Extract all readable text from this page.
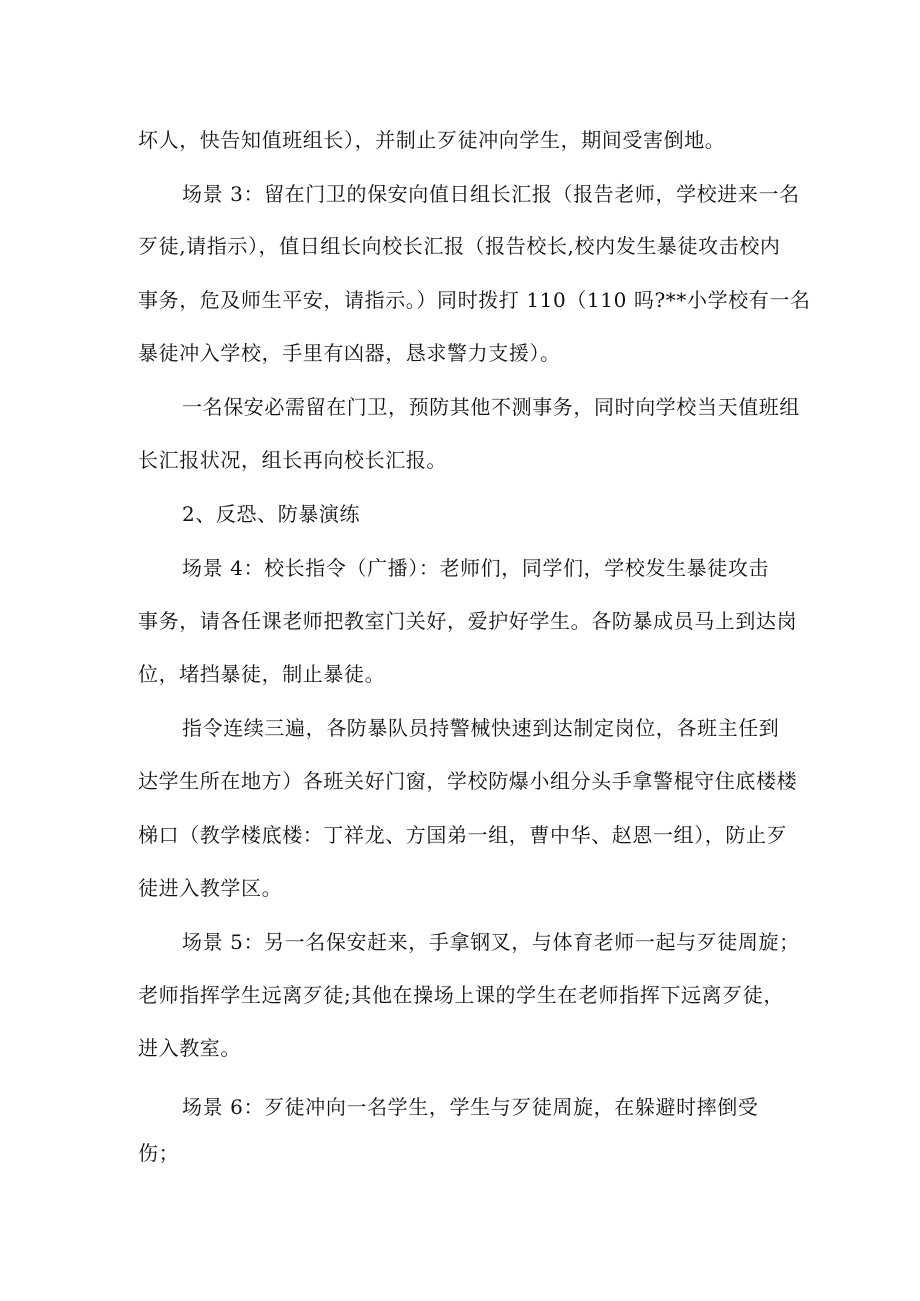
坏人，快告知值班组长），并制止歹徒冲向学生，期间受害倒地。
场景 3：留在门卫的保安向值日组长汇报（报告老师，学校进来一名
歹徒,请指示），值日组长向校长汇报（报告校长,校内发生暴徒攻击校内
事务，危及师生平安，请指示。）同时拨打 110（110 吗?**小学校有一名
暴徒冲入学校，手里有凶器，恳求警力支援）。
一名保安必需留在门卫，预防其他不测事务，同时向学校当天值班组
长汇报状况，组长再向校长汇报。
2、反恐、防暴演练
场景 4：校长指令（广播）：老师们，同学们，学校发生暴徒攻击
事务，请各任课老师把教室门关好，爱护好学生。各防暴成员马上到达岗
位，堵挡暴徒，制止暴徒。
指令连续三遍，各防暴队员持警械快速到达制定岗位，各班主任到
达学生所在地方）各班关好门窗，学校防爆小组分头手拿警棍守住底楼楼
梯口（教学楼底楼：丁祥龙、方国弟一组，曹中华、赵恩一组），防止歹
徒进入教学区。
场景 5：另一名保安赶来，手拿钢叉，与体育老师一起与歹徒周旋；
老师指挥学生远离歹徒;其他在操场上课的学生在老师指挥下远离歹徒，
进入教室。
场景 6：歹徒冲向一名学生，学生与歹徒周旋，在躲避时摔倒受
伤；
